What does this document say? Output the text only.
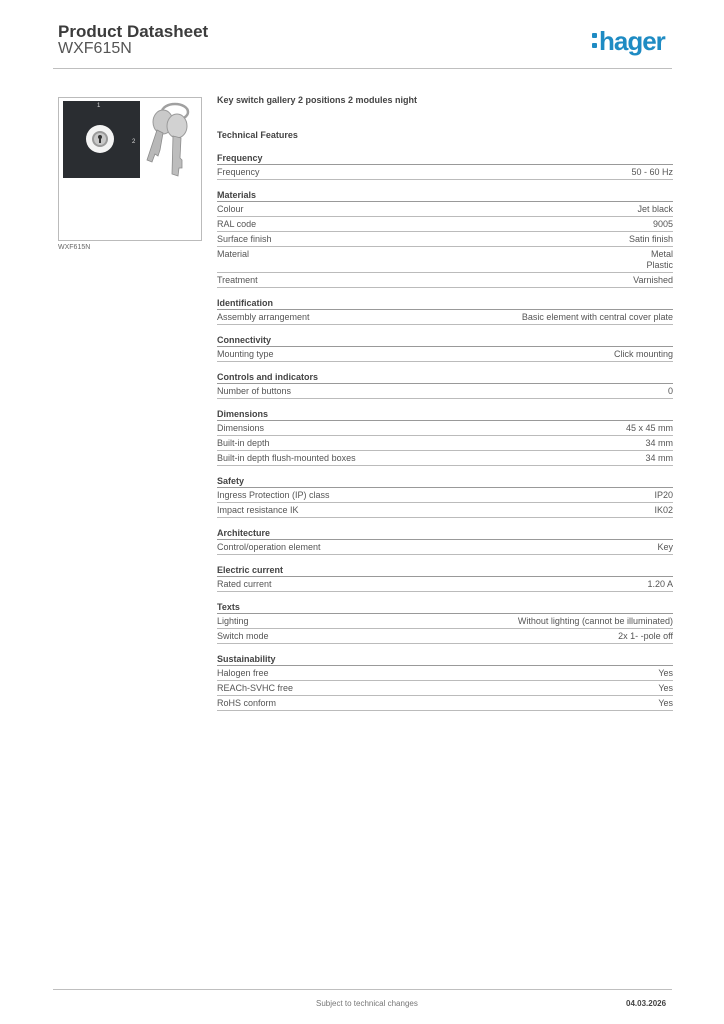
Product Datasheet
WXF615N	hager
1
2
WXF615N
Key switch gallery 2 positions 2 modules night
Technical Features
Frequency
Frequency	50 - 60 Hz
Materials
Colour	Jet black
RAL code	9005
Surface finish	Satin finish
Material	Metal
Plastic
Treatment	Varnished
Identification
Assembly arrangement	Basic element with central cover plate
Connectivity
Mounting type	Click mounting
Controls and indicators
Number of buttons	0
Dimensions
Dimensions	45 x 45 mm
Built-in depth	34 mm
Built-in depth flush-mounted boxes	34 mm
Safety
Ingress Protection (IP) class	IP20
Impact resistance IK	IK02
Architecture
Control/operation element	Key
Electric current
Rated current	1.20 A
Texts
Lighting	Without lighting (cannot be illuminated)
Switch mode	2x 1- -pole off
Sustainability
Halogen free	Yes
REACh-SVHC free	Yes
RoHS conform	Yes
Subject to technical changes	04.03.2026
